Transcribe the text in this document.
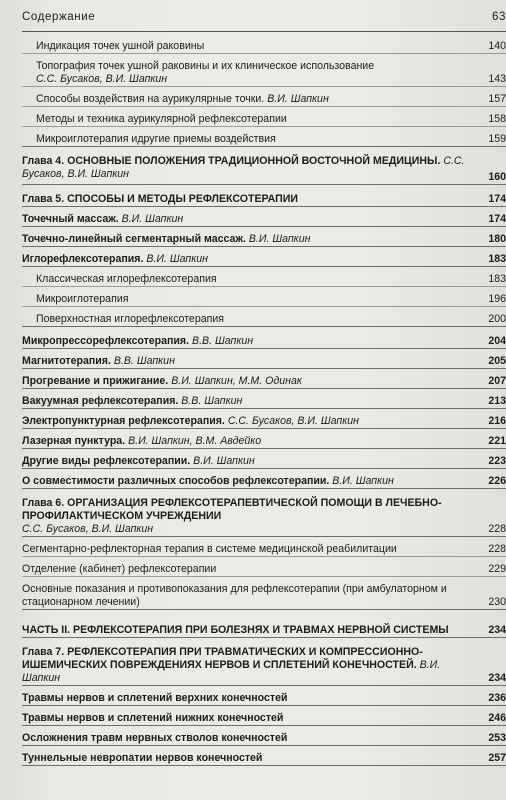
Содержание	63
Индикация точек ушной раковины	140
Топография точек ушной раковины и их клиническое использование
С.С. Бусаков, В.И. Шапкин	143
Способы воздействия на аурикулярные точки. В.И. Шапкин	157
Методы и техника аурикулярной рефлексотерапии	158
Микроиглотерапия идругие приемы воздействия	159
Глава 4. ОСНОВНЫЕ ПОЛОЖЕНИЯ ТРАДИЦИОННОЙ ВОСТОЧНОЙ МЕДИЦИНЫ. С.С. Бусаков, В.И. Шапкин	160
Глава 5. СПОСОБЫ И МЕТОДЫ РЕФЛЕКСОТЕРАПИИ	174
Точечный массаж. В.И. Шапкин	174
Точечно-линейный сегментарный массаж. В.И. Шапкин	180
Иглорефлексотерапия. В.И. Шапкин	183
Классическая иглорефлексотерапия	183
Микроиглотерапия	196
Поверхностная иглорефлексотерапия	200
Микропрессорефлексотерапия. В.В. Шапкин	204
Магнитотерапия. В.В. Шапкин	205
Прогревание и прижигание. В.И. Шапкин, М.М. Одинак	207
Вакуумная рефлексотерапия. В.В. Шапкин	213
Электропунктурная рефлексотерапия. С.С. Бусаков, В.И. Шапкин	216
Лазерная пунктура. В.И. Шапкин, В.М. Авдейко	221
Другие виды рефлексотерапии. В.И. Шапкин	223
О совместимости различных способов рефлексотерапии. В.И. Шапкин	226
Глава 6. ОРГАНИЗАЦИЯ РЕФЛЕКСОТЕРАПЕВТИЧЕСКОЙ ПОМОЩИ В ЛЕЧЕБНО-ПРОФИЛАКТИЧЕСКОМ УЧРЕЖДЕНИИ
С.С. Бусаков, В.И. Шапкин	228
Сегментарно-рефлекторная терапия в системе медицинской реабилитации	228
Отделение (кабинет) рефлексотерапии	229
Основные показания и противопоказания для рефлексотерапии (при амбулаторном и стационарном лечении)	230
ЧАСТЬ II. РЕФЛЕКСОТЕРАПИЯ ПРИ БОЛЕЗНЯХ И ТРАВМАХ НЕРВНОЙ СИСТЕМЫ	234
Глава 7. РЕФЛЕКСОТЕРАПИЯ ПРИ ТРАВМАТИЧЕСКИХ И КОМПРЕССИОННО-ИШЕМИЧЕСКИХ ПОВРЕЖДЕНИЯХ НЕРВОВ И СПЛЕТЕНИЙ КОНЕЧНОСТЕЙ. В.И. Шапкин	234
Травмы нервов и сплетений верхних конечностей	236
Травмы нервов и сплетений нижних конечностей	246
Осложнения травм нервных стволов конечностей	253
Туннельные невропатии нервов конечностей	257
